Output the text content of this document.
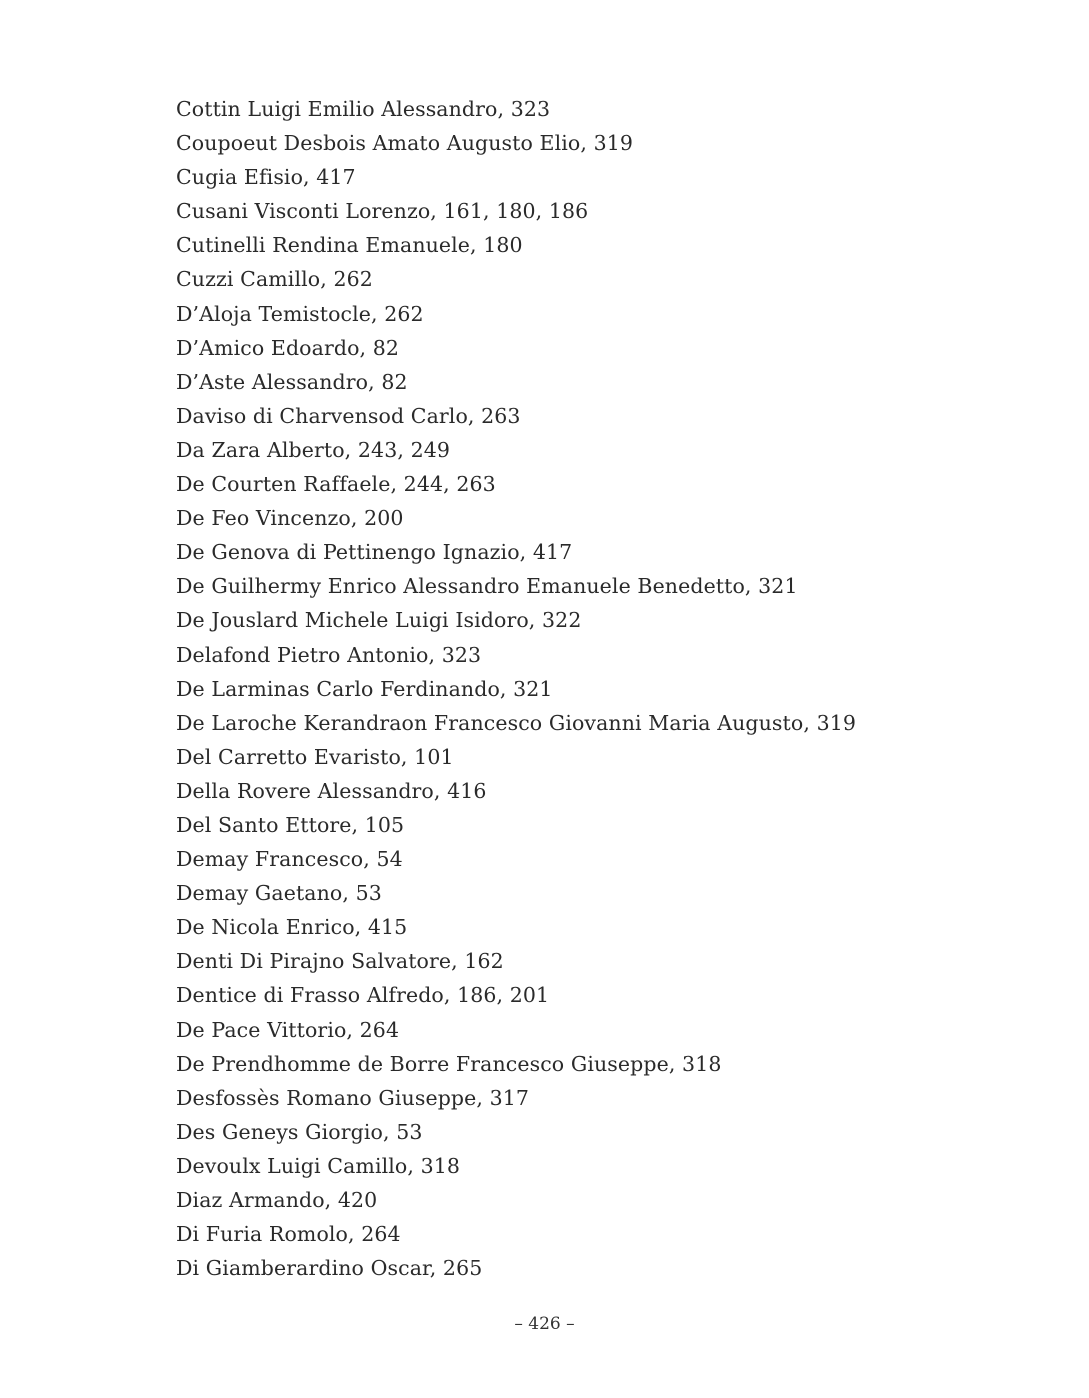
Cottin Luigi Emilio Alessandro, 323
Coupoeut Desbois Amato Augusto Elio, 319
Cugia Efisio, 417
Cusani Visconti Lorenzo, 161, 180, 186
Cutinelli Rendina Emanuele, 180
Cuzzi Camillo, 262
D’Aloja Temistocle, 262
D’Amico Edoardo, 82
D’Aste Alessandro, 82
Daviso di Charvensod Carlo, 263
Da Zara Alberto, 243, 249
De Courten Raffaele, 244, 263
De Feo Vincenzo, 200
De Genova di Pettinengo Ignazio, 417
De Guilhermy Enrico Alessandro Emanuele Benedetto, 321
De Jouslard Michele Luigi Isidoro, 322
Delafond Pietro Antonio, 323
De Larminas Carlo Ferdinando, 321
De Laroche Kerandraon Francesco Giovanni Maria Augusto, 319
Del Carretto Evaristo, 101
Della Rovere Alessandro, 416
Del Santo Ettore, 105
Demay Francesco, 54
Demay Gaetano, 53
De Nicola Enrico, 415
Denti Di Pirajno Salvatore, 162
Dentice di Frasso Alfredo, 186, 201
De Pace Vittorio, 264
De Prendhomme de Borre Francesco Giuseppe, 318
Desfossès Romano Giuseppe, 317
Des Geneys Giorgio, 53
Devoulx Luigi Camillo, 318
Diaz Armando, 420
Di Furia Romolo, 264
Di Giamberardino Oscar, 265
– 426 –
